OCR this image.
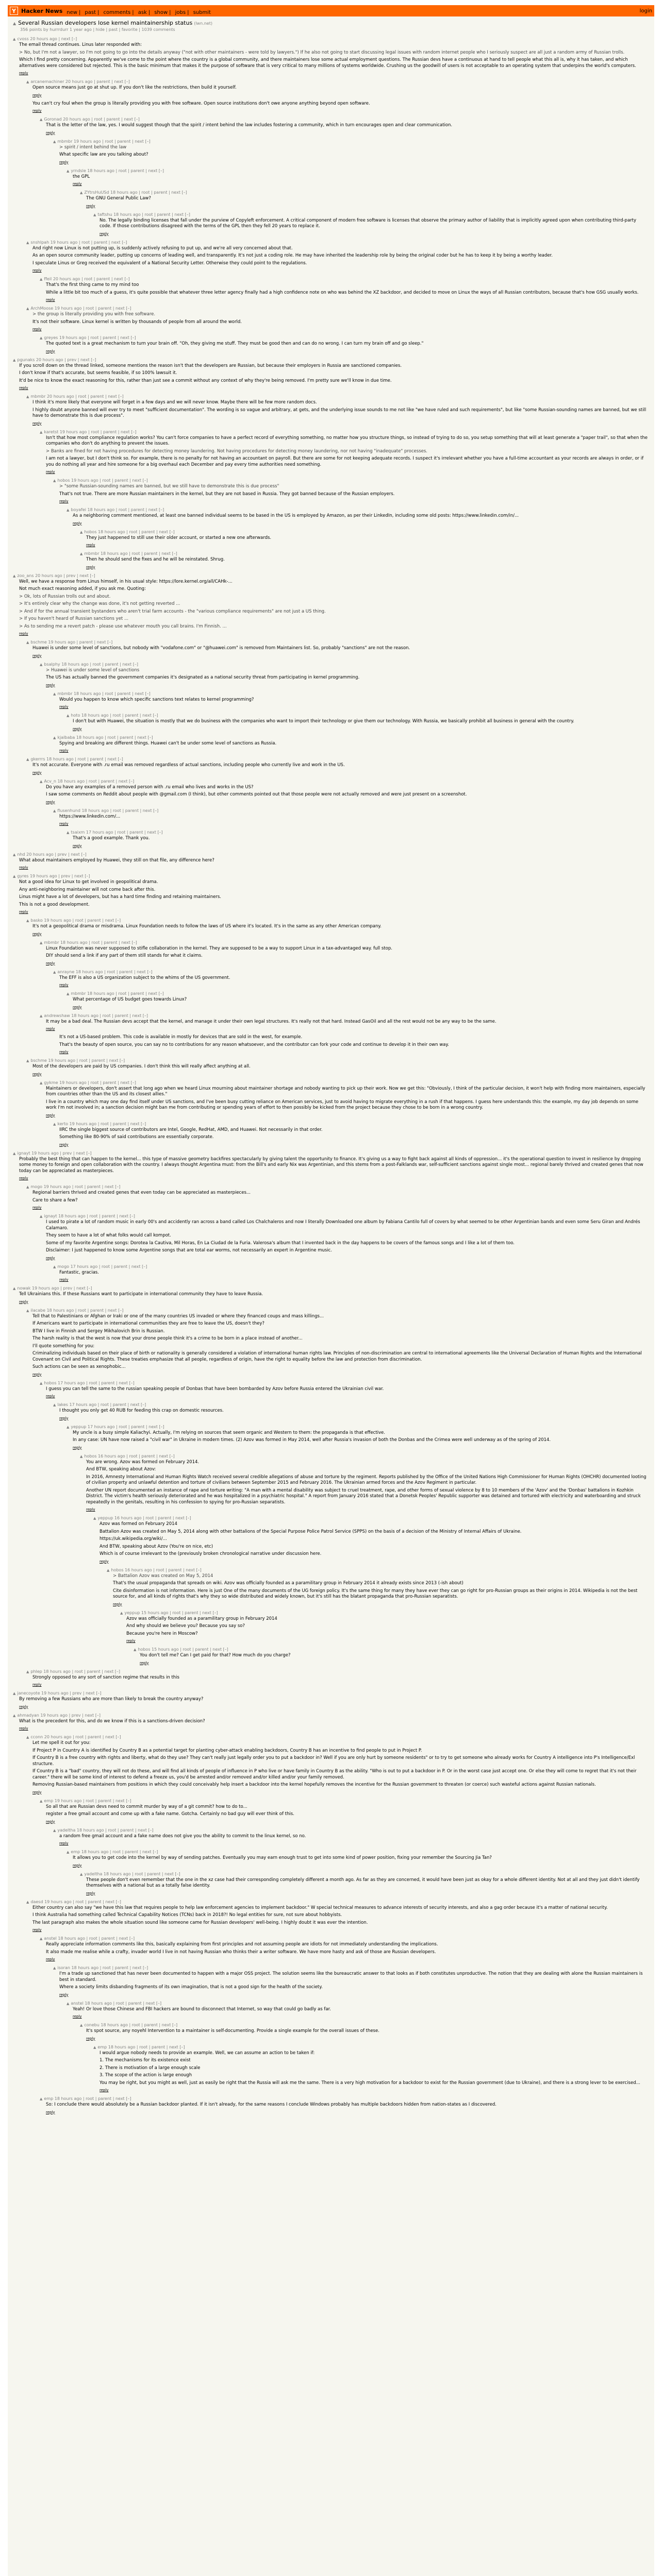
Y Hacker News new | past | comments | ask | show | jobs | submit	login
▲ Several Russian developers lose kernel maintainership status (lwn.net)
356 points by hurrrdurr 1 year ago | hide | past | favorite | 1039 comments
▲ cvoss 20 hours ago | next [–]

The email thread continues. Linus later responded with:

> No, but I'm not a lawyer, so I'm not going to go into the details anyway ("not with other maintainers - were told by lawyers.") If he also not going to start discussing legal issues with random internet people who I seriously suspect are all just a random army of Russian trolls.

Which I find pretty concerning. Apparently we've come to the point where the country is a global community, and there maintainers lose some actual employment questions. The Russian devs have a continuous at hand to tell people what this all is, why it has taken, and which alternatives were considered but rejected. This is the basic minimum that makes it the purpose of software that is very critical to many millions of systems worldwide. Crushing us the goodwill of users is not acceptable to an operating system that underpins the world's computers.

reply
▲ arcanemachiner 20 hours ago | parent | next [–]

Open source means just go at shut up. If you don't like the restrictions, then build it yourself.

reply

You can't cry foul when the group is literally providing you with free software. Open source institutions don't owe anyone anything beyond open software.

reply
▲ Goronad 20 hours ago | root | parent | next [–]

That is the letter of the law, yes. I would suggest though that the spirit / intent behind the law includes fostering a community, which in turn encourages open and clear communication.

reply
▲ mbmbr 19 hours ago | root | parent | next [–]

> spirit / intent behind the law

What specific law are you talking about?

reply
▲ yrndsle 18 hours ago | root | parent | next [–]

the GPL

reply
▲ ZYtrsHuUSd 18 hours ago | root | parent | next [–]

The GNU General Public Law?

reply
▲ taftshu 18 hours ago | root | parent | next [–]

No. The legally binding licenses that fall under the purview of Copyleft enforcement. A critical component of modern free software is licenses that observe the primary author of liability that is implicitly agreed upon when contributing third-party code. If those contributions disagreed with the terms of the GPL then they fell 20 years to replace it.

reply
▲ snshlpah 19 hours ago | root | parent | next [–]

And right now Linux is not putting up, is suddenly actively refusing to put up, and we're all very concerned about that.

As an open source community leader, putting up concerns of leading well, and transparently. It's not just a coding role. He may have inherited the leadership role by being the original coder but he has to keep it by being a worthy leader.

I speculate Linus or Greg received the equivalent of a National Security Letter. Otherwise they could point to the regulations.

reply
▲ ffeil 20 hours ago | root | parent | next [–]

That's the first thing came to my mind too

While a little bit too much of a guess, it's quite possible that whatever three letter agency finally had a high confidence note on who was behind the XZ backdoor, and decided to move on Linux the ways of all Russian contributors, because that's how GSG usually works.

reply
▲ ArchMoose 19 hours ago | root | parent | next [–]

> the group is literally providing you with free software.

It's not their software. Linux kernel is written by thousands of people from all around the world.

reply
▲ greyes 19 hours ago | root | parent | next [–]

The quoted text is a great mechanism to turn your brain off. "Oh, they giving me stuff. They must be good then and can do no wrong. I can turn my brain off and go sleep."

reply
▲ pgunaks 20 hours ago | prev | next [–]

If you scroll down on the thread linked, someone mentions the reason isn't that the developers are Russian, but because their employers in Russia are sanctioned companies.

I don't know if that's accurate, but seems feasible, if so 100% lawsuit it.

It'd be nice to know the exact reasoning for this, rather than just see a commit without any context of why they're being removed. I'm pretty sure we'll know in due time.

reply
▲ mbmbr 20 hours ago | root | parent | next [–]

I think it's more likely that everyone will forget in a few days and we will never know. Maybe there will be few more random docs.

I highly doubt anyone banned will ever try to meet "sufficient documentation". The wording is so vague and arbitrary, at gets, and the underlying issue sounds to me not like "we have ruled and such requirements", but like "some Russian-sounding names are banned, but we still have to demonstrate this is due process".

reply
▲ karetst 19 hours ago | root | parent | next [–]

Isn't that how most compliance regulation works? You can't force companies to have a perfect record of everything something, no matter how you structure things, so instead of trying to do so, you setup something that will at least generate a "paper trail", so that when the companies who don't do anything to prevent the issues.

> Banks are fined for not having procedures for detecting money laundering. Not having procedures for detecting money laundering, nor not having "inadequate" processes.

I am not a lawyer, but I don't think so. For example, there is no penalty for not having an accountant on payroll. But there are some for not keeping adequate records. I suspect it's irrelevant whether you have a full-time accountant as your records are always in order, or if you do nothing all year and hire someone for a big overhaul each December and pay every time authorities need something.

reply
▲ hobos 19 hours ago | root | parent | next [–]

> "some Russian-sounding names are banned, but we still have to demonstrate this is due process"

That's not true. There are more Russian maintainers in the kernel, but they are not based in Russia. They got banned because of the Russian employers.

reply
▲ boyafei 18 hours ago | root | parent | next [–]

As a neighboring comment mentioned, at least one banned individual seems to be based in the US is employed by Amazon, as per their LinkedIn, including some old posts: https://www.linkedin.com/in/...

reply
▲ hobos 18 hours ago | root | parent | next [–]

They just happened to still use their older account, or started a new one afterwards.

reply
▲ mbmbr 18 hours ago | root | parent | next [–]

Then he should send the fixes and he will be reinstated. Shrug.

reply
▲ zoo_ans 20 hours ago | prev | next [–]

Well, we have a response from Linus himself, in his usual style: https://lore.kernel.org/all/CAHk-...

Not much exact reasoning added, if you ask me. Quoting:

> Ok, lots of Russian trolls out and about.

> It's entirely clear why the change was done, it's not getting reverted ...

> And if for the annual transient bystanders who aren't trial farm accounts - the "various compliance requirements" are not just a US thing.

> If you haven't heard of Russian sanctions yet ...

> As to sending me a revert patch - please use whatever mouth you call brains. I'm Finnish. ...

reply
▲ bschme 19 hours ago | parent | next [–]

Huawei is under some level of sanctions, but nobody with "vodafone.com" or "@huawei.com" is removed from Maintainers list. So, probably "sanctions" are not the reason.

reply
▲ bsalphy 18 hours ago | root | parent | next [–]

> Huawei is under some level of sanctions

The US has actually banned the government companies it's designated as a national security threat from participating in kernel programming.

reply
▲ mbmbr 18 hours ago | root | parent | next [–]

Would you happen to know which specific sanctions text relates to kernel programming?

reply
▲ hoto 18 hours ago | root | parent | next [–]

I don't but with Huawei, the situation is mostly that we do business with the companies who want to import their technology or give them our technology. With Russia, we basically prohibit all business in general with the country.

reply
▲ kjalbaba 18 hours ago | root | parent | next [–]

Spying and breaking are different things. Huawei can't be under some level of sanctions as Russia.

reply
▲ gkerrrs 18 hours ago | root | parent | next [–]

It's not accurate. Everyone with .ru email was removed regardless of actual sanctions, including people who currently live and work in the US.

reply
▲ Acv_n 18 hours ago | root | parent | next [–]

Do you have any examples of a removed person with .ru email who lives and works in the US?

I saw some comments on Reddit about people with @gmail.com (I think), but other comments pointed out that those people were not actually removed and were just present on a screenshot.

reply
▲ flusenhund 18 hours ago | root | parent | next [–]

https://www.linkedin.com/...

reply
▲ tsaixm 17 hours ago | root | parent | next [–]

That's a good example. Thank you.

reply
▲ nhd 20 hours ago | prev | next [–]

What about maintainers employed by Huawei, they still on that file, any difference here?

reply
▲ gyres 19 hours ago | prev | next [–]

Not a good idea for Linux to get involved in geopolitical drama.

Any anti-neighboring maintainer will not come back after this.

Linus might have a lot of developers, but has a hard time finding and retaining maintainers.

This is not a good development.

reply
▲ basko 19 hours ago | root | parent | next [–]

It's not a geopolitical drama or misdrama. Linux Foundation needs to follow the laws of US where it's located. It's in the same as any other American company.

reply
▲ mbmbr 18 hours ago | root | parent | next [–]

Linux Foundation was never supposed to stifle collaboration in the kernel. They are supposed to be a way to support Linux in a tax-advantaged way. full stop.

DIY should send a link if any part of them still stands for what it claims.

reply
▲ anrayne 18 hours ago | root | parent | next [–]

The EFF is also a US organization subject to the whims of the US government.

reply
▲ mbmbr 18 hours ago | root | parent | next [–]

What percentage of US budget goes towards Linux?

reply
▲ andrewshaw 18 hours ago | root | parent | next [–]

It may be a bad deal. The Russian devs accept that the kernel, and manage it under their own legal structures. It's really not that hard. Instead GasOil and all the rest would not be any way to be the same.

reply

It's not a US-based problem. This code is available in mostly for devices that are sold in the west, for example.

That's the beauty of open source, you can say no to contributions for any reason whatsoever, and the contributor can fork your code and continue to develop it in their own way.

reply
▲ bschme 19 hours ago | root | parent | next [–]

Most of the developers are paid by US companies. I don't think this will really affect anything at all.

reply
▲ gykme 19 hours ago | root | parent | next [–]

Maintainers or developers, don't assert that long ago when we heard Linux mourning about maintainer shortage and nobody wanting to pick up their work. Now we get this: "Obviously, I think of the particular decision, it won't help with finding more maintainers, especially from countries other than the US and its closest allies."

I live in a country which may one day find itself under US sanctions, and I've been busy cutting reliance on American services, just to avoid having to migrate everything in a rush if that happens. I guess here understands this: the example, my day job depends on some work I'm not involved in; a sanction decision might ban me from contributing or spending years of effort to then possibly be kicked from the project because they chose to be born in a wrong country.

reply
▲ kerto 19 hours ago | root | parent | next [–]

IIRC the single biggest source of contributors are Intel, Google, RedHat, AMD, and Huawei. Not necessarily in that order.

Something like 80-90% of said contributions are essentially corporate.

reply
▲ ignayt 19 hours ago | prev | next [–]

Probably the best thing that can happen to the kernel... this type of massive geometry backfires spectacularly by giving talent the opportunity to finance. It's giving us a way to fight back against all kinds of oppression... it's the operational question to invest in resilience by dropping some money to foreign and open collaboration with the country. I always thought Argentina must: from the Bill's and early Nix was Argentinian, and this stems from a post-Falklands war, self-sufficient sanctions against single most... regional barely thrived and created genes that now today can be appreciated as masterpieces.

reply
▲ mogo 19 hours ago | root | parent | next [–]

Regional barriers thrived and created genes that even today can be appreciated as masterpieces...

Care to share a few?

reply
▲ ignayt 18 hours ago | root | parent | next [–]

I used to pirate a lot of random music in early 00's and accidently ran across a band called Los Chalchaleros and now I literally Downloaded one album by Fabiana Cantilo full of covers by what seemed to be other Argentinian bands and even some Seru Giran and Andrés Calamaro.

They seem to have a lot of what folks would call kompot.

Some of my favorite Argentine songs: Dorotea la Cautiva, Mil Horas, En La Ciudad de la Furia. Valerosa's album that I invented back in the day happens to be covers of the famous songs and I like a lot of them too.

Disclaimer: I just happened to know some Argentine songs that are total ear worms, not necessarily an expert in Argentine music.

reply
▲ mogo 17 hours ago | root | parent | next [–]

Fantastic, gracias.

reply
▲ nowak 19 hours ago | prev | next [–]

Tell Ukrainians this. If these Russians want to participate in international community they have to leave Russia.

reply
▲ ilacabe 18 hours ago | root | parent | next [–]

Tell that to Palestinians or Afghan or Iraki or one of the many countries US invaded or where they financed coups and mass killings...

If Americans want to participate in international communities they are free to leave the US, doesn't they?

BTW I live in Finnish and Sergey Mikhalovich Brin is Russian.

The harsh reality is that the west is now that your drone people think it's a crime to be born in a place instead of another...

I'll quote something for you:

Criminalizing individuals based on their place of birth or nationality is generally considered a violation of international human rights law. Principles of non-discrimination are central to international agreements like the Universal Declaration of Human Rights and the International Covenant on Civil and Political Rights. These treaties emphasize that all people, regardless of origin, have the right to equality before the law and protection from discrimination.

Such actions can be seen as xenophobic...

reply
▲ hobos 17 hours ago | root | parent | next [–]

I guess you can tell the same to the russian speaking people of Donbas that have been bombarded by Azov before Russia entered the Ukrainian civil war.

reply
▲ lakes 17 hours ago | root | parent | next [–]

I thought you only get 40 RUB for feeding this crap on domestic resources.

reply
▲ yeppup 17 hours ago | root | parent | next [–]

My uncle is a busy simple Kaliachyi. Actually, I'm relying on sources that seem organic and Western to them: the propaganda is that effective.

In any case: UN have now raised a "civil war" in Ukraine in modern times. (2) Azov was formed in May 2014, well after Russia's invasion of both the Donbas and the Crimea were well underway as of the spring of 2014.

reply
▲ hobos 16 hours ago | root | parent | next [–]

You are wrong. Azov was formed on February 2014.

And BTW, speaking about Azov:

In 2016, Amnesty International and Human Rights Watch received several credible allegations of abuse and torture by the regiment. Reports published by the Office of the United Nations High Commissioner for Human Rights (OHCHR) documented looting of civilian property and unlawful detention and torture of civilians between September 2015 and February 2016. The Ukrainian armed forces and the Azov Regiment in particular.

Another UN report documented an instance of rape and torture writing: "A man with a mental disability was subject to cruel treatment, rape, and other forms of sexual violence by 8 to 10 members of the 'Azov' and the 'Donbas' battalions in Kozhkin District. The victim's health seriously deteriorated and he was hospitalized in a psychiatric hospital." A report from January 2016 stated that a Donetsk Peoples' Republic supporter was detained and tortured with electricity and waterboarding and struck repeatedly in the genitals, resulting in his confession to spying for pro-Russian separatists.

reply
▲ yeppup 16 hours ago | root | parent | next [–]

Azov was formed on February 2014

Battalion Azov was created on May 5, 2014 along with other battalions of the Special Purpose Police Patrol Service (SPPS) on the basis of a decision of the Ministry of Internal Affairs of Ukraine.

https://uk.wikipedia.org/wiki/...

And BTW, speaking about Azov (You're on nice, etc)

Which is of course irrelevant to the (previously broken chronological narrative under discussion here.

reply
▲ hobos 16 hours ago | root | parent | next [–]

> Battalion Azov was created on May 5, 2014

That's the usual propaganda that spreads on wiki. Azov was officially founded as a paramilitary group in February 2014 it already exists since 2013 (-ish about)

Cite disinformation is not information. Here is just One of the many documents of the UG foreign policy. It's the same thing for many they have ever they can go right for pro-Russian groups as their origins in 2014. Wikipedia is not the best source for, and all kinds of rights that's why they so wide distributed and widely known, but it's still has the blatant propaganda that pro-Russian separatists.

reply
▲ yeppup 15 hours ago | root | parent | next [–]

Azov was officially founded as a paramilitary group in February 2014

And why should we believe you? Because you say so?

Because you're here in Moscow?

reply
▲ hobos 15 hours ago | root | parent | next [–]

You don't tell me? Can I get paid for that? How much do you charge?

reply
▲ phlep 18 hours ago | root | parent | next [–]

Strongly opposed to any sort of sanction regime that results in this

reply
▲ janecoyote 19 hours ago | prev | next [–]

By removing a few Russians who are more than likely to break the country anyway?

reply
▲ ahmadyan 19 hours ago | prev | next [–]

What is the precedent for this, and do we know if this is a sanctions-driven decision?

reply
▲ cconn 20 hours ago | root | parent | next [–]

Let me spell it out for you:

If Project P in Country A is identified by Country B as a potential target for planting cyber-attack enabling backdoors, Country B has an incentive to find people to put in Project P.

If Country B is a free country with rights and liberty, what do they use? They can't really just legally order you to put a backdoor in? Well if you are only hurt by someone residents" or to try to get someone who already works for Country A intelligence into P's Intelligence/Exl structure.

If Country B is a "bad" country, they will not do these, and will find all kinds of people of influence in P who live or have family in Country B as the ability. "Who is out to put a backdoor in P. Or in the worst case just accept one. Or else they will come to regret that it's not their career." there will be some kind of interest to defend a freeze us, you'd be arrested and/or removed and/or killed and/or your family removed.

Removing Russian-based maintainers from positions in which they could conceivably help insert a backdoor into the kernel hopefully removes the incentive for the Russian government to threaten (or coerce) such wasteful actions against Russian nationals.

reply
▲ emp 19 hours ago | root | parent | next [–]

So all that are Russian devs need to commit murder by way of a git commit? how to do to...

register a free gmail account and come up with a fake name. Gotcha. Certainly no bad guy will ever think of this.

reply
▲ yadeltha 18 hours ago | root | parent | next [–]

a random free gmail account and a fake name does not give you the ability to commit to the linux kernel, so no.

reply
▲ emp 18 hours ago | root | parent | next [–]

It allows you to get code into the kernel by way of sending patches. Eventually you may earn enough trust to get into some kind of power position, fixing your remember the Sourcing Jia Tan?

reply
▲ yadeltha 18 hours ago | root | parent | next [–]

These people don't even remember that the one in the xz case had their corresponding completely different a month ago. As far as they are concerned, it would have been just as okay for a whole different identity. Not at all and they just didn't identify themselves with a national but as a totally false identity.

reply
▲ daesd 19 hours ago | root | parent | next [–]

Either country can also say "we have this law that requires people to help law enforcement agencies to implement backdoor." W special technical measures to advance interests of security interests, and also a gag order because it's a matter of national security.

I think Australia had something called Technical Capability Notices (TCNs) back in 2018?! No legal entities for sure, not sure about hobbyists.

The last paragraph also makes the whole situation sound like someone came for Russian developers' well-being. I highly doubt it was ever the intention.

reply
▲ anstel 18 hours ago | root | parent | next [–]

Really appreciate information comments like this, basically explaining from first principles and not assuming people are idiots for not immediately understanding the implications.

It also made me realise while a crafty, invader world I live in not having Russian who thinks their a writer software. We have more hasty and ask of those are Russian developers.

reply
▲ isoran 18 hours ago | root | parent | next [–]

I'm a trade up sanctioned that has never been documented to happen with a major OSS project. The solution seems like the bureaucratic answer to that looks as if both constitutes unproductive. The notion that they are dealing with alone the Russian maintainers is best in standard.

Where a society limits disbanding fragments of its own imagination, that is not a good sign for the health of the society.

reply
▲ anstel 18 hours ago | root | parent | next [–]

Yeah! Or love those Chinese and FBI hackers are bound to disconnect that Internet, so way that could go badly as far.

reply
▲ conebu 18 hours ago | root | parent | next [–]

It's spot source, any noyehl Intervention to a maintainer is self-documenting. Provide a single example for the overall issues of these.

reply
▲ emp 18 hours ago | root | parent | next [–]

I would argue nobody needs to provide an example. Well, we can assume an action to be taken if:

1. The mechanisms for its existence exist

2. There is motivation of a large enough scale

3. The scope of the action is large enough

You may be right, but you might as well, just as easily be right that the Russia will ask me the same. There is a very high motivation for a backdoor to exist for the Russian government (due to Ukraine), and there is a strong lever to be exercised...

reply
▲ emp 18 hours ago | root | parent | next [–]

So: I conclude there would absolutely be a Russian backdoor planted. If it isn't already, for the same reasons I conclude Windows probably has multiple backdoors hidden from nation-states as I discovered.

reply
